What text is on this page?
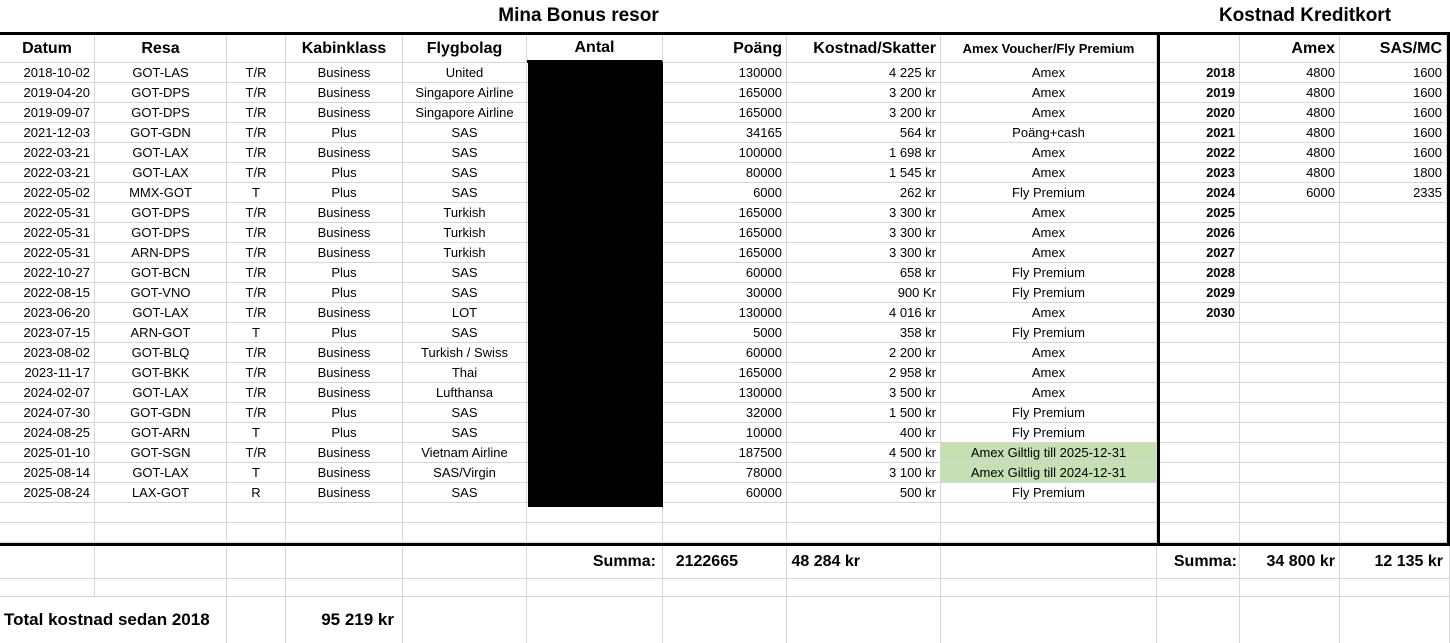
Mina Bonus resor	Kostnad Kreditkort
Datum	Resa	Kabinklass	Flygbolag	Antal	Poäng	Kostnad/Skatter	Amex Voucher/Fly Premium	Amex	SAS/MC
2018-10-02	GOT-LAS	T/R	Business	United	130000	4 225 kr	Amex	2018	4800	1600
2019-04-20	GOT-DPS	T/R	Business	Singapore Airline	165000	3 200 kr	Amex	2019	4800	1600
2019-09-07	GOT-DPS	T/R	Business	Singapore Airline	165000	3 200 kr	Amex	2020	4800	1600
2021-12-03	GOT-GDN	T/R	Plus	SAS	34165	564 kr	Poäng+cash	2021	4800	1600
2022-03-21	GOT-LAX	T/R	Business	SAS	100000	1 698 kr	Amex	2022	4800	1600
2022-03-21	GOT-LAX	T/R	Plus	SAS	80000	1 545 kr	Amex	2023	4800	1800
2022-05-02	MMX-GOT	T	Plus	SAS	6000	262 kr	Fly Premium	2024	6000	2335
2022-05-31	GOT-DPS	T/R	Business	Turkish	165000	3 300 kr	Amex	2025
2022-05-31	GOT-DPS	T/R	Business	Turkish	165000	3 300 kr	Amex	2026
2022-05-31	ARN-DPS	T/R	Business	Turkish	165000	3 300 kr	Amex	2027
2022-10-27	GOT-BCN	T/R	Plus	SAS	60000	658 kr	Fly Premium	2028
2022-08-15	GOT-VNO	T/R	Plus	SAS	30000	900 Kr	Fly Premium	2029
2023-06-20	GOT-LAX	T/R	Business	LOT	130000	4 016 kr	Amex	2030
2023-07-15	ARN-GOT	T	Plus	SAS	5000	358 kr	Fly Premium
2023-08-02	GOT-BLQ	T/R	Business	Turkish / Swiss	60000	2 200 kr	Amex
2023-11-17	GOT-BKK	T/R	Business	Thai	165000	2 958 kr	Amex
2024-02-07	GOT-LAX	T/R	Business	Lufthansa	130000	3 500 kr	Amex
2024-07-30	GOT-GDN	T/R	Plus	SAS	32000	1 500 kr	Fly Premium
2024-08-25	GOT-ARN	T	Plus	SAS	10000	400 kr	Fly Premium
2025-01-10	GOT-SGN	T/R	Business	Vietnam Airline	187500	4 500 kr	Amex Giltlig till 2025-12-31
2025-08-14	GOT-LAX	T	Business	SAS/Virgin	78000	3 100 kr	Amex Giltlig till 2024-12-31
2025-08-24	LAX-GOT	R	Business	SAS	60000	500 kr	Fly Premium
Summa:	2122665	48 284 kr	Summa:	34 800 kr	12 135 kr
Total kostnad sedan 2018	95 219 kr
